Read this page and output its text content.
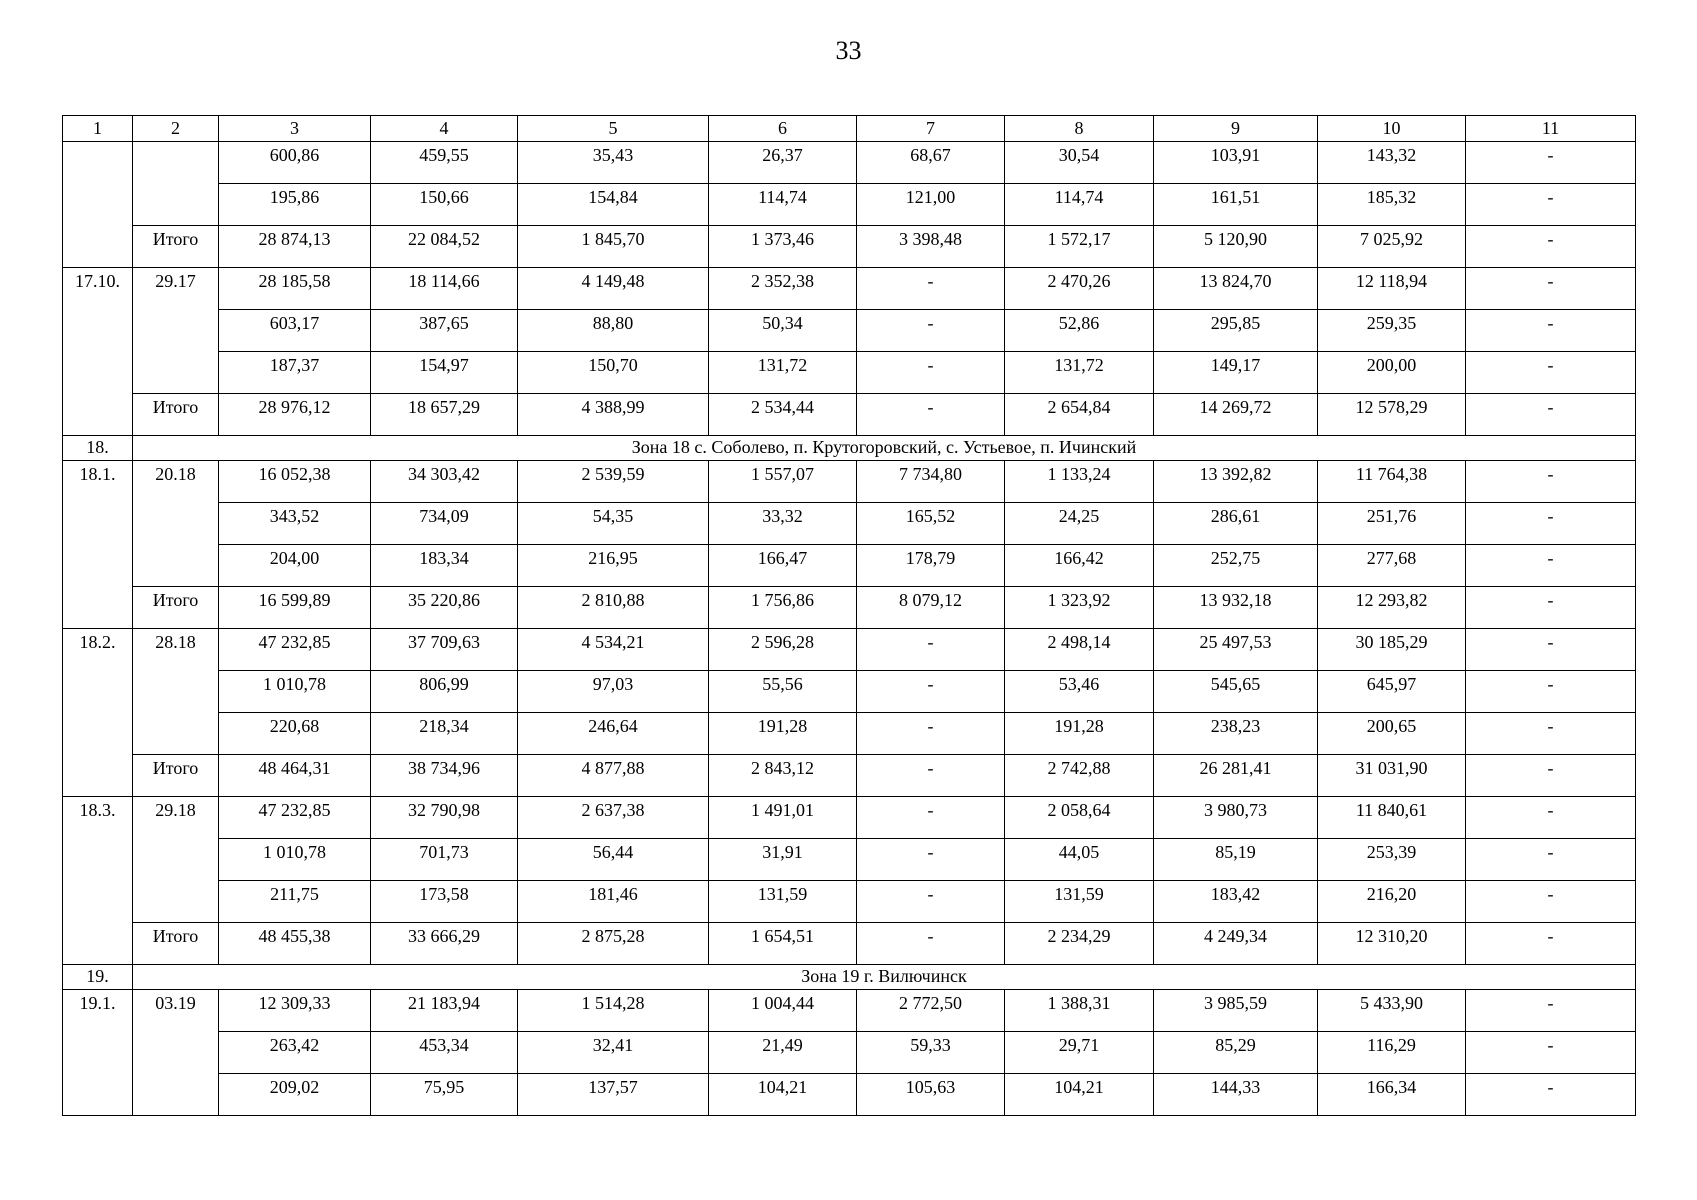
33
1	2	3	4	5	6	7	8	9	10	11
		600,86	459,55	35,43	26,37	68,67	30,54	103,91	143,32	-
		195,86	150,66	154,84	114,74	121,00	114,74	161,51	185,32	-
	Итого	28 874,13	22 084,52	1 845,70	1 373,46	3 398,48	1 572,17	5 120,90	7 025,92	-
17.10.	29.17	28 185,58	18 114,66	4 149,48	2 352,38	-	2 470,26	13 824,70	12 118,94	-
		603,17	387,65	88,80	50,34	-	52,86	295,85	259,35	-
		187,37	154,97	150,70	131,72	-	131,72	149,17	200,00	-
	Итого	28 976,12	18 657,29	4 388,99	2 534,44	-	2 654,84	14 269,72	12 578,29	-
18.	Зона 18 с. Соболево, п. Крутогоровский, с. Устьевое, п. Ичинский									
18.1.	20.18	16 052,38	34 303,42	2 539,59	1 557,07	7 734,80	1 133,24	13 392,82	11 764,38	-
		343,52	734,09	54,35	33,32	165,52	24,25	286,61	251,76	-
		204,00	183,34	216,95	166,47	178,79	166,42	252,75	277,68	-
	Итого	16 599,89	35 220,86	2 810,88	1 756,86	8 079,12	1 323,92	13 932,18	12 293,82	-
18.2.	28.18	47 232,85	37 709,63	4 534,21	2 596,28	-	2 498,14	25 497,53	30 185,29	-
		1 010,78	806,99	97,03	55,56	-	53,46	545,65	645,97	-
		220,68	218,34	246,64	191,28	-	191,28	238,23	200,65	-
	Итого	48 464,31	38 734,96	4 877,88	2 843,12	-	2 742,88	26 281,41	31 031,90	-
18.3.	29.18	47 232,85	32 790,98	2 637,38	1 491,01	-	2 058,64	3 980,73	11 840,61	-
		1 010,78	701,73	56,44	31,91	-	44,05	85,19	253,39	-
		211,75	173,58	181,46	131,59	-	131,59	183,42	216,20	-
	Итого	48 455,38	33 666,29	2 875,28	1 654,51	-	2 234,29	4 249,34	12 310,20	-
19.	Зона 19 г. Вилючинск									
19.1.	03.19	12 309,33	21 183,94	1 514,28	1 004,44	2 772,50	1 388,31	3 985,59	5 433,90	-
		263,42	453,34	32,41	21,49	59,33	29,71	85,29	116,29	-
		209,02	75,95	137,57	104,21	105,63	104,21	144,33	166,34	-
